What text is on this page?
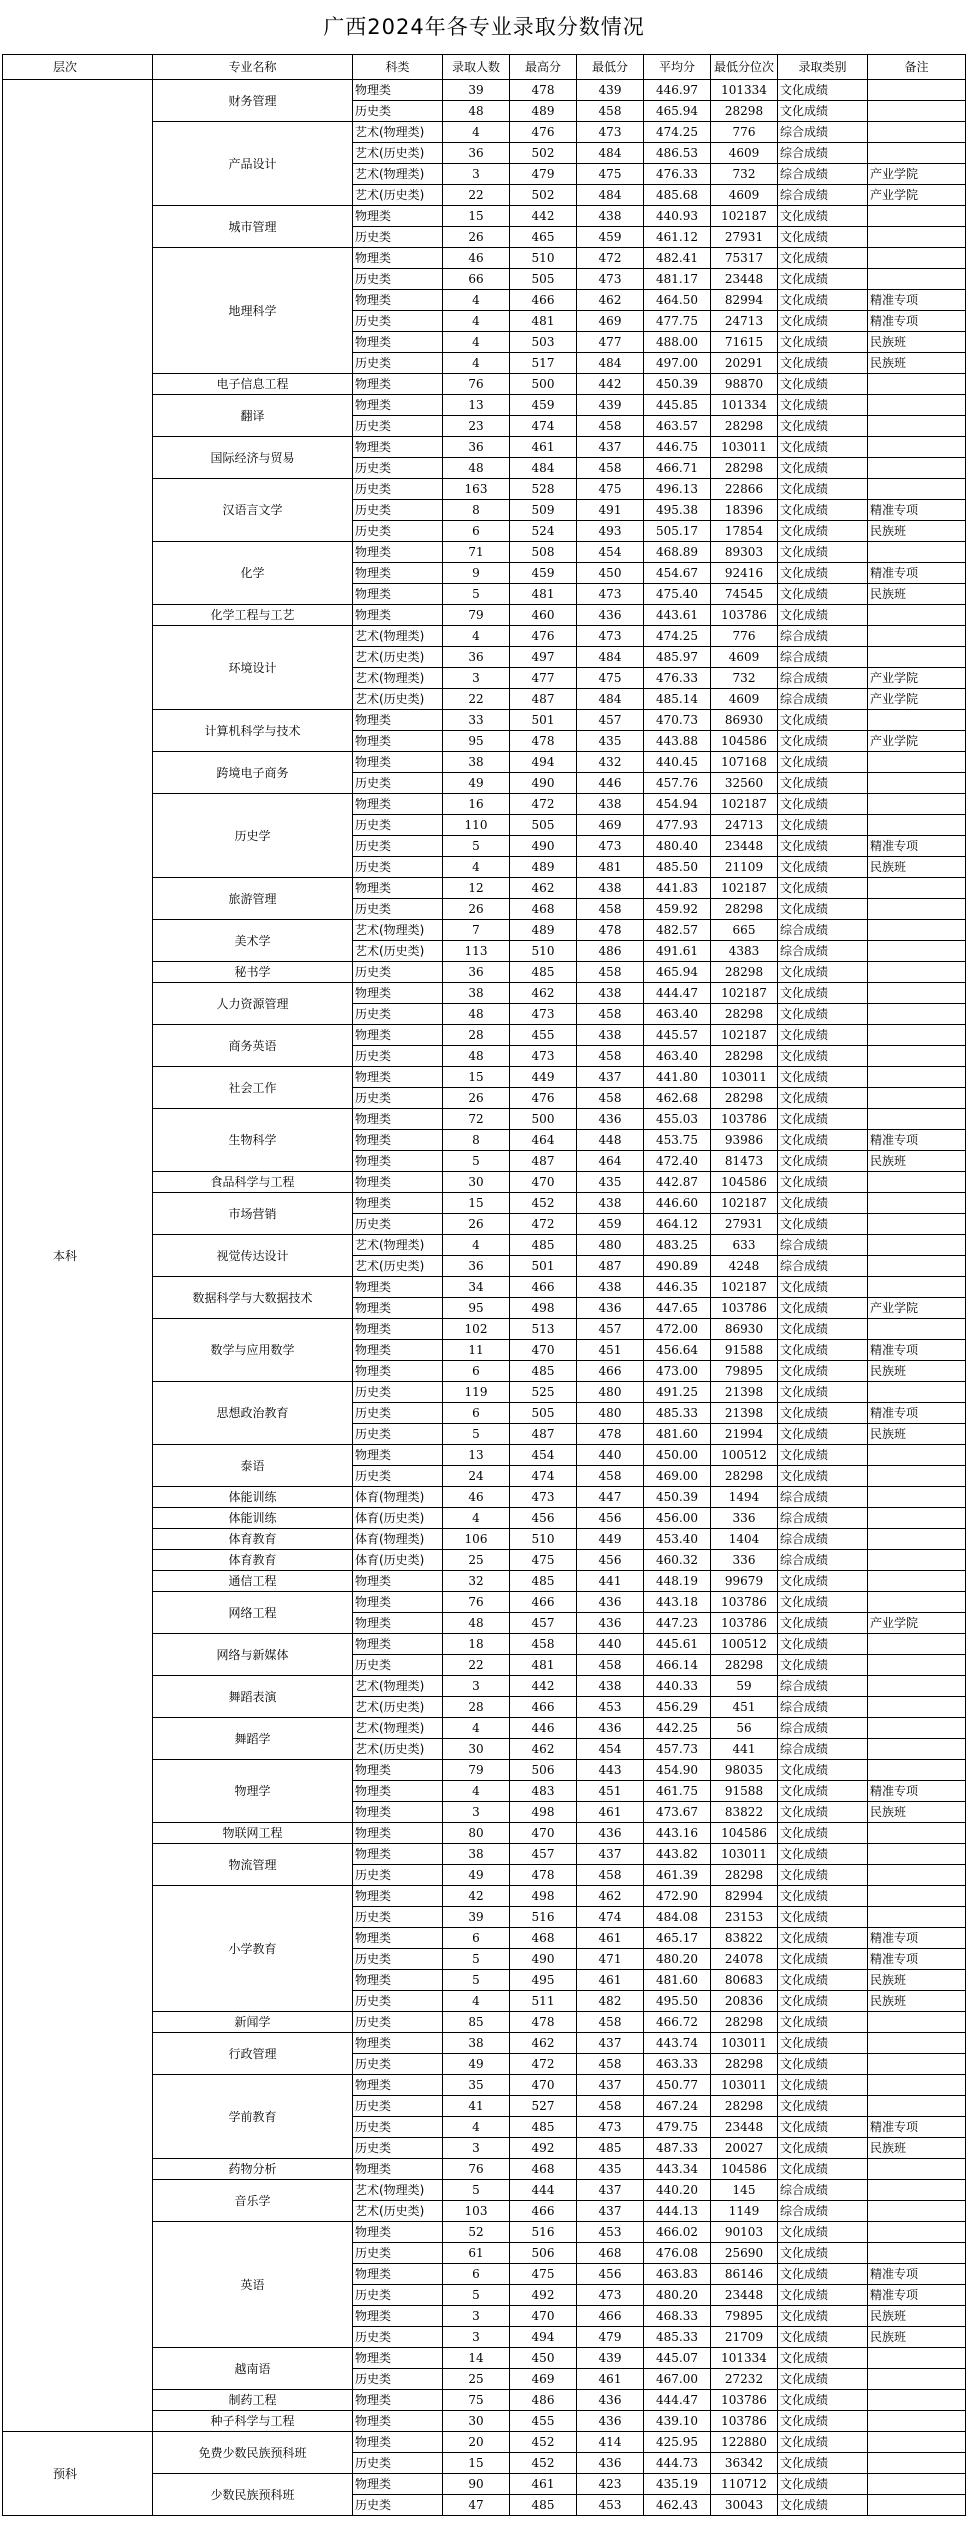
广西2024年各专业录取分数情况
层次	专业名称	科类	录取人数	最高分	最低分	平均分	最低分位次	录取类别	备注
本科	财务管理	物理类	39	478	439	446.97	101334	文化成绩	
		历史类	48	489	458	465.94	28298	文化成绩	
	产品设计	艺术(物理类)	4	476	473	474.25	776	综合成绩	
		艺术(历史类)	36	502	484	486.53	4609	综合成绩	
		艺术(物理类)	3	479	475	476.33	732	综合成绩	产业学院
		艺术(历史类)	22	502	484	485.68	4609	综合成绩	产业学院
	城市管理	物理类	15	442	438	440.93	102187	文化成绩	
		历史类	26	465	459	461.12	27931	文化成绩	
	地理科学	物理类	46	510	472	482.41	75317	文化成绩	
		历史类	66	505	473	481.17	23448	文化成绩	
		物理类	4	466	462	464.50	82994	文化成绩	精准专项
		历史类	4	481	469	477.75	24713	文化成绩	精准专项
		物理类	4	503	477	488.00	71615	文化成绩	民族班
		历史类	4	517	484	497.00	20291	文化成绩	民族班
	电子信息工程	物理类	76	500	442	450.39	98870	文化成绩	
	翻译	物理类	13	459	439	445.85	101334	文化成绩	
		历史类	23	474	458	463.57	28298	文化成绩	
	国际经济与贸易	物理类	36	461	437	446.75	103011	文化成绩	
		历史类	48	484	458	466.71	28298	文化成绩	
	汉语言文学	历史类	163	528	475	496.13	22866	文化成绩	
		历史类	8	509	491	495.38	18396	文化成绩	精准专项
		历史类	6	524	493	505.17	17854	文化成绩	民族班
	化学	物理类	71	508	454	468.89	89303	文化成绩	
		物理类	9	459	450	454.67	92416	文化成绩	精准专项
		物理类	5	481	473	475.40	74545	文化成绩	民族班
	化学工程与工艺	物理类	79	460	436	443.61	103786	文化成绩	
	环境设计	艺术(物理类)	4	476	473	474.25	776	综合成绩	
		艺术(历史类)	36	497	484	485.97	4609	综合成绩	
		艺术(物理类)	3	477	475	476.33	732	综合成绩	产业学院
		艺术(历史类)	22	487	484	485.14	4609	综合成绩	产业学院
	计算机科学与技术	物理类	33	501	457	470.73	86930	文化成绩	
		物理类	95	478	435	443.88	104586	文化成绩	产业学院
	跨境电子商务	物理类	38	494	432	440.45	107168	文化成绩	
		历史类	49	490	446	457.76	32560	文化成绩	
	历史学	物理类	16	472	438	454.94	102187	文化成绩	
		历史类	110	505	469	477.93	24713	文化成绩	
		历史类	5	490	473	480.40	23448	文化成绩	精准专项
		历史类	4	489	481	485.50	21109	文化成绩	民族班
	旅游管理	物理类	12	462	438	441.83	102187	文化成绩	
		历史类	26	468	458	459.92	28298	文化成绩	
	美术学	艺术(物理类)	7	489	478	482.57	665	综合成绩	
		艺术(历史类)	113	510	486	491.61	4383	综合成绩	
	秘书学	历史类	36	485	458	465.94	28298	文化成绩	
	人力资源管理	物理类	38	462	438	444.47	102187	文化成绩	
		历史类	48	473	458	463.40	28298	文化成绩	
	商务英语	物理类	28	455	438	445.57	102187	文化成绩	
		历史类	48	473	458	463.40	28298	文化成绩	
	社会工作	物理类	15	449	437	441.80	103011	文化成绩	
		历史类	26	476	458	462.68	28298	文化成绩	
	生物科学	物理类	72	500	436	455.03	103786	文化成绩	
		物理类	8	464	448	453.75	93986	文化成绩	精准专项
		物理类	5	487	464	472.40	81473	文化成绩	民族班
	食品科学与工程	物理类	30	470	435	442.87	104586	文化成绩	
	市场营销	物理类	15	452	438	446.60	102187	文化成绩	
		历史类	26	472	459	464.12	27931	文化成绩	
	视觉传达设计	艺术(物理类)	4	485	480	483.25	633	综合成绩	
		艺术(历史类)	36	501	487	490.89	4248	综合成绩	
	数据科学与大数据技术	物理类	34	466	438	446.35	102187	文化成绩	
		物理类	95	498	436	447.65	103786	文化成绩	产业学院
	数学与应用数学	物理类	102	513	457	472.00	86930	文化成绩	
		物理类	11	470	451	456.64	91588	文化成绩	精准专项
		物理类	6	485	466	473.00	79895	文化成绩	民族班
	思想政治教育	历史类	119	525	480	491.25	21398	文化成绩	
		历史类	6	505	480	485.33	21398	文化成绩	精准专项
		历史类	5	487	478	481.60	21994	文化成绩	民族班
	泰语	物理类	13	454	440	450.00	100512	文化成绩	
		历史类	24	474	458	469.00	28298	文化成绩	
	体能训练	体育(物理类)	46	473	447	450.39	1494	综合成绩	
	体能训练	体育(历史类)	4	456	456	456.00	336	综合成绩	
	体育教育	体育(物理类)	106	510	449	453.40	1404	综合成绩	
	体育教育	体育(历史类)	25	475	456	460.32	336	综合成绩	
	通信工程	物理类	32	485	441	448.19	99679	文化成绩	
	网络工程	物理类	76	466	436	443.18	103786	文化成绩	
		物理类	48	457	436	447.23	103786	文化成绩	产业学院
	网络与新媒体	物理类	18	458	440	445.61	100512	文化成绩	
		历史类	22	481	458	466.14	28298	文化成绩	
	舞蹈表演	艺术(物理类)	3	442	438	440.33	59	综合成绩	
		艺术(历史类)	28	466	453	456.29	451	综合成绩	
	舞蹈学	艺术(物理类)	4	446	436	442.25	56	综合成绩	
		艺术(历史类)	30	462	454	457.73	441	综合成绩	
	物理学	物理类	79	506	443	454.90	98035	文化成绩	
		物理类	4	483	451	461.75	91588	文化成绩	精准专项
		物理类	3	498	461	473.67	83822	文化成绩	民族班
	物联网工程	物理类	80	470	436	443.16	104586	文化成绩	
	物流管理	物理类	38	457	437	443.82	103011	文化成绩	
		历史类	49	478	458	461.39	28298	文化成绩	
	小学教育	物理类	42	498	462	472.90	82994	文化成绩	
		历史类	39	516	474	484.08	23153	文化成绩	
		物理类	6	468	461	465.17	83822	文化成绩	精准专项
		历史类	5	490	471	480.20	24078	文化成绩	精准专项
		物理类	5	495	461	481.60	80683	文化成绩	民族班
		历史类	4	511	482	495.50	20836	文化成绩	民族班
	新闻学	历史类	85	478	458	466.72	28298	文化成绩	
	行政管理	物理类	38	462	437	443.74	103011	文化成绩	
		历史类	49	472	458	463.33	28298	文化成绩	
	学前教育	物理类	35	470	437	450.77	103011	文化成绩	
		历史类	41	527	458	467.24	28298	文化成绩	
		历史类	4	485	473	479.75	23448	文化成绩	精准专项
		历史类	3	492	485	487.33	20027	文化成绩	民族班
	药物分析	物理类	76	468	435	443.34	104586	文化成绩	
	音乐学	艺术(物理类)	5	444	437	440.20	145	综合成绩	
		艺术(历史类)	103	466	437	444.13	1149	综合成绩	
	英语	物理类	52	516	453	466.02	90103	文化成绩	
		历史类	61	506	468	476.08	25690	文化成绩	
		物理类	6	475	456	463.83	86146	文化成绩	精准专项
		历史类	5	492	473	480.20	23448	文化成绩	精准专项
		物理类	3	470	466	468.33	79895	文化成绩	民族班
		历史类	3	494	479	485.33	21709	文化成绩	民族班
	越南语	物理类	14	450	439	445.07	101334	文化成绩	
		历史类	25	469	461	467.00	27232	文化成绩	
	制药工程	物理类	75	486	436	444.47	103786	文化成绩	
	种子科学与工程	物理类	30	455	436	439.10	103786	文化成绩	
预科	免费少数民族预科班	物理类	20	452	414	425.95	122880	文化成绩	
		历史类	15	452	436	444.73	36342	文化成绩	
	少数民族预科班	物理类	90	461	423	435.19	110712	文化成绩	
		历史类	47	485	453	462.43	30043	文化成绩	
